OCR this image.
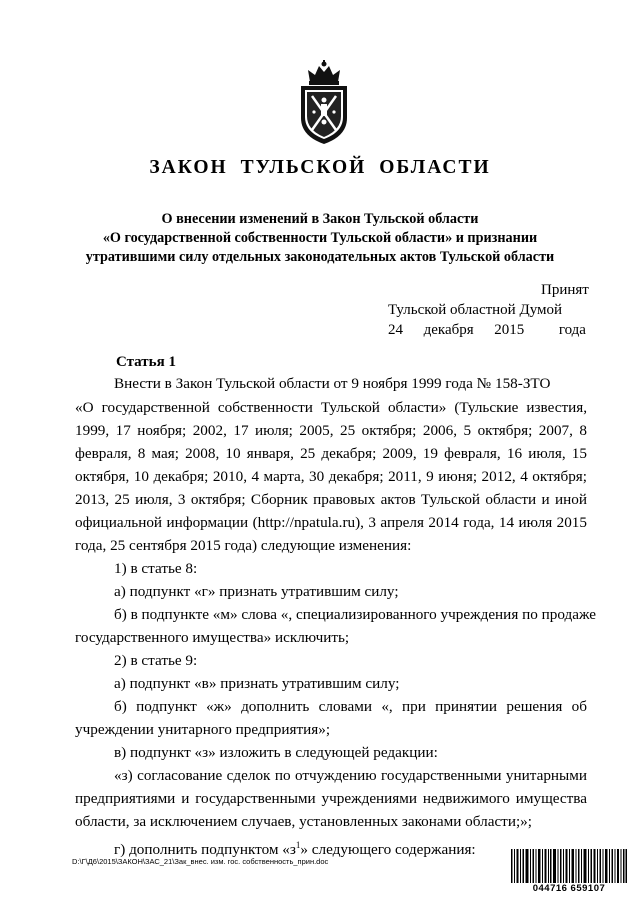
ЗАКОН ТУЛЬСКОЙ ОБЛАСТИ
О внесении изменений в Закон Тульской области
«О государственной собственности Тульской области» и признании
утратившими силу отдельных законодательных актов Тульской области
Принят
Тульской областной Думой
24 декабря 2015 года
Статья 1
Внести в Закон Тульской области от 9 ноября 1999 года № 158-ЗТО
«О государственной собственности Тульской области» (Тульские известия,
1999, 17 ноября; 2002, 17 июля; 2005, 25 октября; 2006, 5 октября; 2007, 8
февраля, 8 мая; 2008, 10 января, 25 декабря; 2009, 19 февраля, 16 июля, 15
октября, 10 декабря; 2010, 4 марта, 30 декабря; 2011, 9 июня; 2012, 4 октября;
2013, 25 июля, 3 октября; Сборник правовых актов Тульской области и иной
официальной информации (http://npatula.ru), 3 апреля 2014 года, 14 июля 2015
года, 25 сентября 2015 года) следующие изменения:
1) в статье 8:
а) подпункт «г» признать утратившим силу;
б) в подпункте «м» слова «, специализированного учреждения по продаже
государственного имущества» исключить;
2) в статье 9:
а) подпункт «в» признать утратившим силу;
б) подпункт «ж» дополнить словами «, при принятии решения об
учреждении унитарного предприятия»;
в) подпункт «з» изложить в следующей редакции:
«з) согласование сделок по отчуждению государственными унитарными
предприятиями и государственными учреждениями недвижимого имущества
области, за исключением случаев, установленных законами области;»;
г) дополнить подпунктом «$з^1$» следующего содержания:
D:\Г\Д6\2015\ЗАКОН\ЗАС_21\Зак_внес. изм. гос. собственность_прин.doc
044716 659107
